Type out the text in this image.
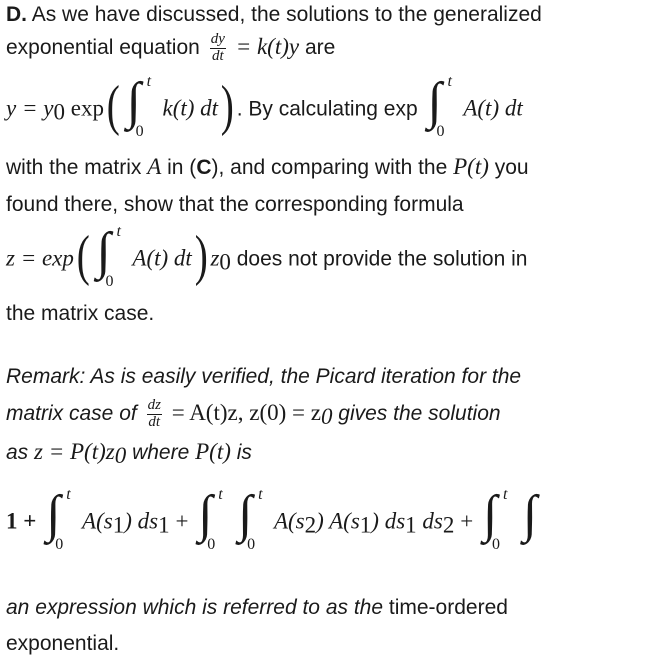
D. As we have discussed, the solutions to the generalized
exponential equation $\frac{dy}{dt} = k(t)y$ are
y = y0 exp( ∫ t
0
k(t) dt) . By calculating exp ∫ t
0
A(t) dt
with the matrix A in (C), and comparing with the P(t) you
found there, show that the corresponding formula
z = exp( ∫ t
0
A(t) dt) z0 does not provide the solution in
the matrix case.
Remark: As is easily verified, the Picard iteration for the
matrix case of $\frac{dz}{dt} = A(t)z$, z(0) = z0 gives the solution
as z = P(t)z0 where P(t) is
1 + ∫ t
0
A(s1) ds1 + ∫ t
0

∫ t
0
A(s2) A(s1) ds1 ds2 + ∫ t
0

∫
an expression which is referred to as the time-ordered
exponential.
